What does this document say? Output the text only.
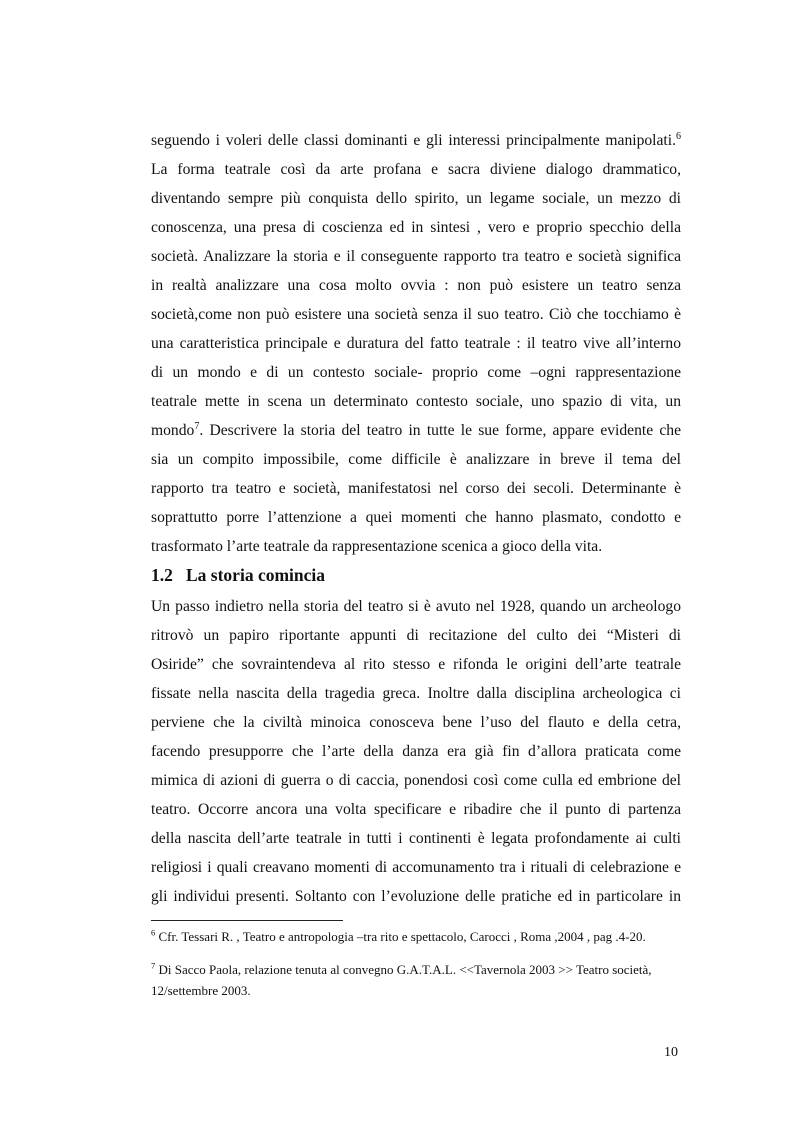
seguendo i voleri delle classi dominanti e gli interessi principalmente manipolati.$^6$
La forma teatrale così da arte profana e sacra diviene dialogo drammatico,
diventando sempre più conquista dello spirito, un legame sociale, un mezzo di
conoscenza, una presa di coscienza ed in sintesi , vero e proprio specchio della
società. Analizzare la storia e il conseguente rapporto tra teatro e società significa
in realtà analizzare una cosa molto ovvia : non può esistere un teatro senza
società,come non può esistere una società senza il suo teatro. Ciò che tocchiamo è
una caratteristica principale e duratura del fatto teatrale : il teatro vive all’interno
di un mondo e di un contesto sociale- proprio come –ogni rappresentazione
teatrale mette in scena un determinato contesto sociale, uno spazio di vita, un
mondo$^7$. Descrivere la storia del teatro in tutte le sue forme, appare evidente che
sia un compito impossibile, come difficile è analizzare in breve il tema del
rapporto tra teatro e società, manifestatosi nel corso dei secoli. Determinante è
soprattutto porre l’attenzione a quei momenti che hanno plasmato, condotto e
trasformato l’arte teatrale da rappresentazione scenica a gioco della vita.
1.2 La storia comincia
Un passo indietro nella storia del teatro si è avuto nel 1928, quando un archeologo
ritrovò un papiro riportante appunti di recitazione del culto dei “Misteri di
Osiride” che sovraintendeva al rito stesso e rifonda le origini dell’arte teatrale
fissate nella nascita della tragedia greca. Inoltre dalla disciplina archeologica ci
perviene che la civiltà minoica conosceva bene l’uso del flauto e della cetra,
facendo presupporre che l’arte della danza era già fin d’allora praticata come
mimica di azioni di guerra o di caccia, ponendosi così come culla ed embrione del
teatro. Occorre ancora una volta specificare e ribadire che il punto di partenza
della nascita dell’arte teatrale in tutti i continenti è legata profondamente ai culti
religiosi i quali creavano momenti di accomunamento tra i rituali di celebrazione e
gli individui presenti. Soltanto con l’evoluzione delle pratiche ed in particolare in

$^6$ Cfr. Tessari R. , Teatro e antropologia –tra rito e spettacolo, Carocci , Roma ,2004 , pag .4-20.

$^7$ Di Sacco Paola, relazione tenuta al convegno G.A.T.A.L. <<Tavernola 2003 >> Teatro società, 12/settembre 2003.

10
